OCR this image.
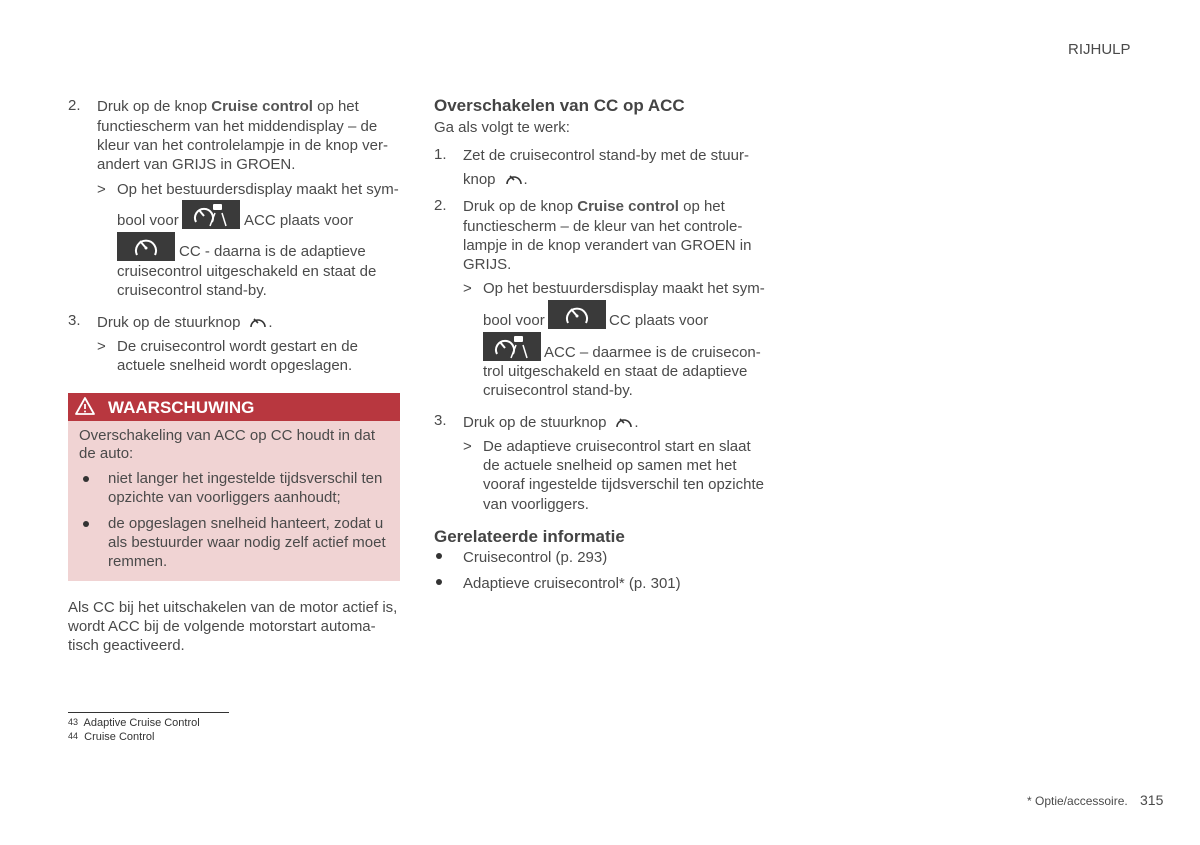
RIJHULP
2. Druk op de knop Cruise control op het
functiescherm van het middendisplay – de
kleur van het controlelampje in de knop ver-
andert van GRIJS in GROEN.
> Op het bestuurdersdisplay maakt het sym-
bool voor	ACC plaats voor
CC - daarna is de adaptieve
cruisecontrol uitgeschakeld en staat de
cruisecontrol stand-by.
3. Druk op de stuurknop .
> De cruisecontrol wordt gestart en de
actuele snelheid wordt opgeslagen.
WAARSCHUWING
Overschakeling van ACC op CC houdt in dat
de auto:
niet langer het ingestelde tijdsverschil ten
opzichte van voorliggers aanhoudt;
de opgeslagen snelheid hanteert, zodat u
als bestuurder waar nodig zelf actief moet
remmen.
Als CC bij het uitschakelen van de motor actief is,
wordt ACC bij de volgende motorstart automa-
tisch geactiveerd.
43 Adaptive Cruise Control
44 Cruise Control
Overschakelen van CC op ACC
Ga als volgt te werk:
1. Zet de cruisecontrol stand-by met de stuur-
knop .
2. Druk op de knop Cruise control op het
functiescherm – de kleur van het controle-
lampje in de knop verandert van GROEN in
GRIJS.
> Op het bestuurdersdisplay maakt het sym-
bool voor	CC plaats voor
ACC – daarmee is de cruisecon-
trol uitgeschakeld en staat de adaptieve
cruisecontrol stand-by.
3. Druk op de stuurknop .
> De adaptieve cruisecontrol start en slaat
de actuele snelheid op samen met het
vooraf ingestelde tijdsverschil ten opzichte
van voorliggers.
Gerelateerde informatie
Cruisecontrol (p. 293)
Adaptieve cruisecontrol* (p. 301)
* Optie/accessoire. 315
